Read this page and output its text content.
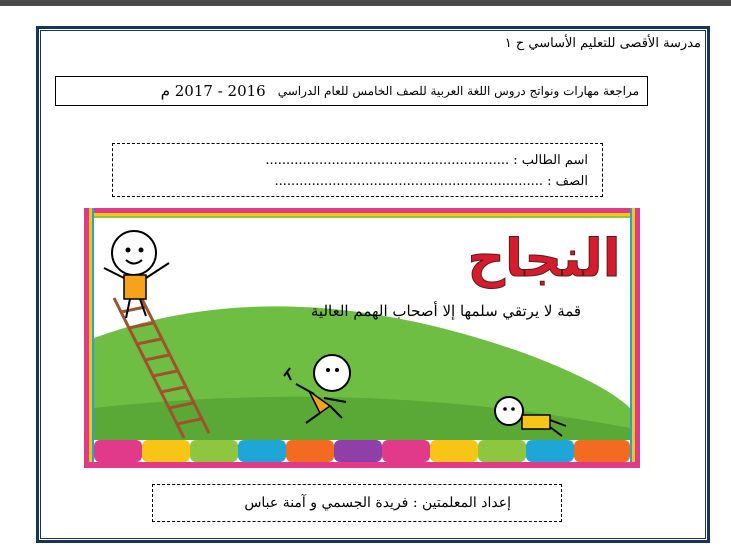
مدرسة الأقصى للتعليم الأساسي ح ١
مراجعة مهارات ونواتج دروس اللغة العربية للصف الخامس للعام الدراسي
2016 - 2017 م
اسم الطالب : ...........................................................
الصف : .................................................................
النجاح
قمة لا يرتقي سلمها إلا أصحاب الهمم العالية
إعداد المعلمتين : فريدة الجسمي و آمنة عباس
